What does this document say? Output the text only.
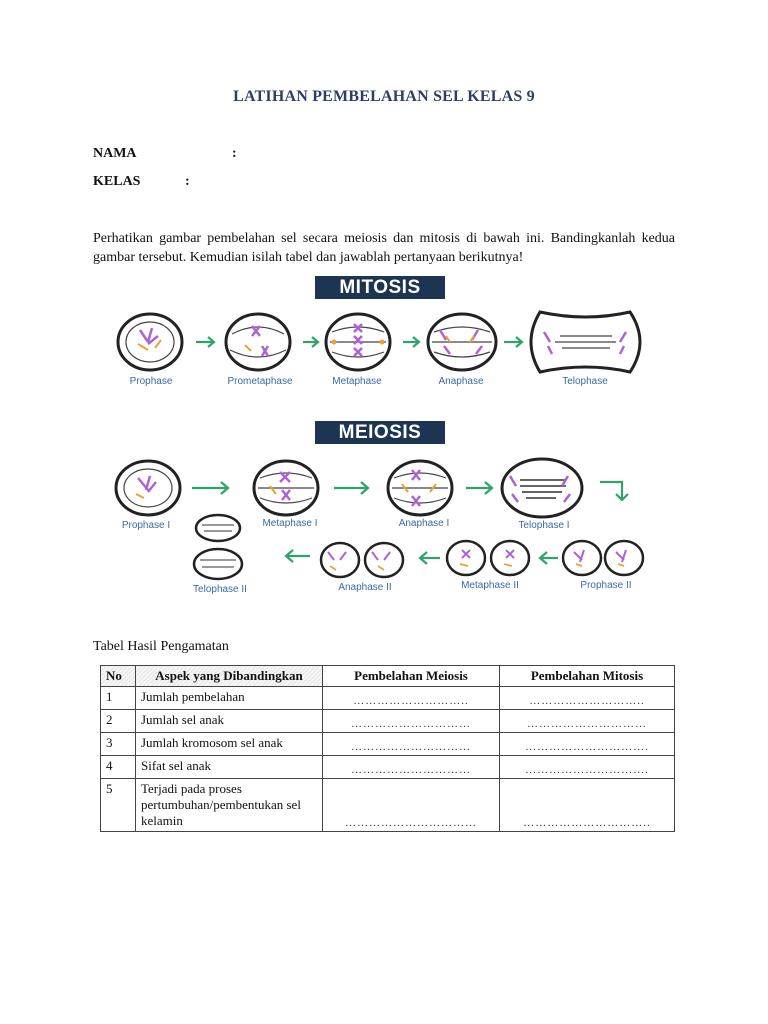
LATIHAN PEMBELAHAN SEL KELAS 9
NAMA	:
KELAS	:
Perhatikan gambar pembelahan sel secara meiosis dan mitosis di bawah ini. Bandingkanlah kedua gambar tersebut. Kemudian isilah tabel dan jawablah pertanyaan berikutnya!
MITOSIS
MEIOSIS
Prophase	Prometaphase	Metaphase	Anaphase	Telophase
Prophase I	Metaphase I	Anaphase I	Telophase I
Telophase II	Anaphase II	Metaphase II	Prophase II
Tabel Hasil Pengamatan
No	Aspek yang Dibandingkan	Pembelahan Meiosis	Pembelahan Mitosis
1	Jumlah pembelahan	………………………..	………………………..

2	Jumlah sel anak	…………………………	…………………………

3	Jumlah kromosom sel anak	…………………………	………………………….

4	Sifat sel anak	…………………………	………………………….

5	Terjadi pada proses pertumbuhan/pembentukan sel kelamin	……………………………	…………………………..
